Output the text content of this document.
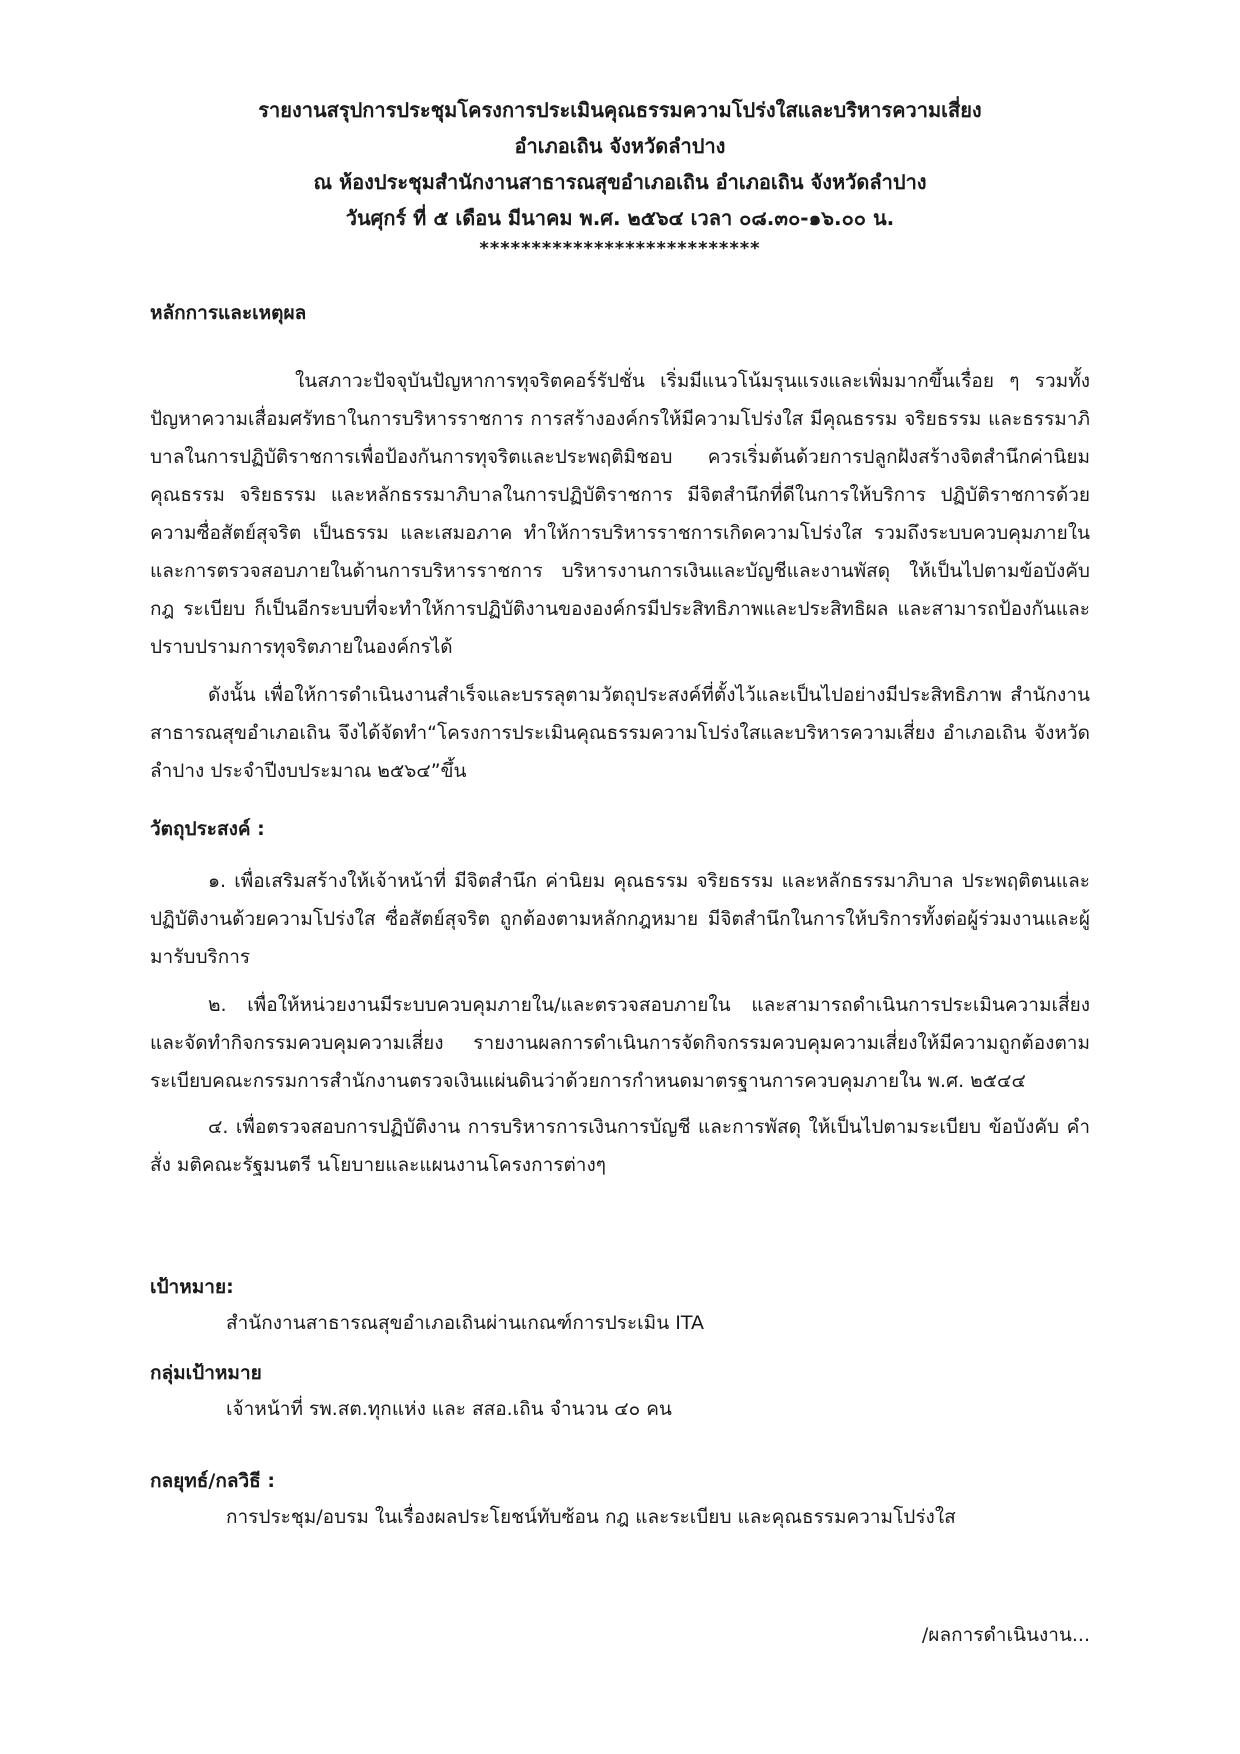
รายงานสรุปการประชุมโครงการประเมินคุณธรรมความโปร่งใสและบริหารความเสี่ยง
อำเภอเถิน จังหวัดลำปาง
ณ ห้องประชุมสำนักงานสาธารณสุขอำเภอเถิน อำเภอเถิน จังหวัดลำปาง
วันศุกร์ ที่ ๕ เดือน มีนาคม พ.ศ. ๒๕๖๔ เวลา ๐๘.๓๐-๑๖.๐๐ น.
***************************
หลักการและเหตุผล
ในสภาวะปัจจุบันปัญหาการทุจริตคอร์รัปชั่น เริ่มมีแนวโน้มรุนแรงและเพิ่มมากขึ้นเรื่อย ๆ รวมทั้งปัญหาความเสื่อมศรัทธาในการบริหารราชการ การสร้างองค์กรให้มีความโปร่งใส มีคุณธรรม จริยธรรม และธรรมาภิบาลในการปฏิบัติราชการเพื่อป้องกันการทุจริตและประพฤติมิชอบ ควรเริ่มต้นด้วยการปลูกฝังสร้างจิตสำนึกค่านิยม คุณธรรม จริยธรรม และหลักธรรมาภิบาลในการปฏิบัติราชการ มีจิตสำนึกที่ดีในการให้บริการ ปฏิบัติราชการด้วยความซื่อสัตย์สุจริต เป็นธรรม และเสมอภาค ทำให้การบริหารราชการเกิดความโปร่งใส รวมถึงระบบควบคุมภายในและการตรวจสอบภายในด้านการบริหารราชการ บริหารงานการเงินและบัญชีและงานพัสดุ ให้เป็นไปตามข้อบังคับ กฎ ระเบียบ ก็เป็นอีกระบบที่จะทำให้การปฏิบัติงานขององค์กรมีประสิทธิภาพและประสิทธิผล และสามารถป้องกันและปราบปรามการทุจริตภายในองค์กรได้
ดังนั้น เพื่อให้การดำเนินงานสำเร็จและบรรลุตามวัตถุประสงค์ที่ตั้งไว้และเป็นไปอย่างมีประสิทธิภาพ สำนักงานสาธารณสุขอำเภอเถิน จึงได้จัดทำ“โครงการประเมินคุณธรรมความโปร่งใสและบริหารความเสี่ยง อำเภอเถิน จังหวัดลำปาง ประจำปีงบประมาณ ๒๕๖๔”ขึ้น
วัตถุประสงค์ :
๑. เพื่อเสริมสร้างให้เจ้าหน้าที่ มีจิตสำนึก ค่านิยม คุณธรรม จริยธรรม และหลักธรรมาภิบาล ประพฤติตนและปฏิบัติงานด้วยความโปร่งใส ซื่อสัตย์สุจริต ถูกต้องตามหลักกฎหมาย มีจิตสำนึกในการให้บริการทั้งต่อผู้ร่วมงานและผู้มารับบริการ
๒. เพื่อให้หน่วยงานมีระบบควบคุมภายใน/และตรวจสอบภายใน และสามารถดำเนินการประเมินความเสี่ยงและจัดทำกิจกรรมควบคุมความเสี่ยง รายงานผลการดำเนินการจัดกิจกรรมควบคุมความเสี่ยงให้มีความถูกต้องตามระเบียบคณะกรรมการสำนักงานตรวจเงินแผ่นดินว่าด้วยการกำหนดมาตรฐานการควบคุมภายใน พ.ศ. ๒๕๔๔
๔. เพื่อตรวจสอบการปฏิบัติงาน การบริหารการเงินการบัญชี และการพัสดุ ให้เป็นไปตามระเบียบ ข้อบังคับ คำสั่ง มติคณะรัฐมนตรี นโยบายและแผนงานโครงการต่างๆ
เป้าหมาย:
สำนักงานสาธารณสุขอำเภอเถินผ่านเกณฑ์การประเมิน ITA
กลุ่มเป้าหมาย
เจ้าหน้าที่ รพ.สต.ทุกแห่ง และ สสอ.เถิน จำนวน ๔๐ คน
กลยุทธ์/กลวิธี :
การประชุม/อบรม ในเรื่องผลประโยชน์ทับซ้อน กฎ และระเบียบ และคุณธรรมความโปร่งใส
/ผลการดำเนินงาน...
